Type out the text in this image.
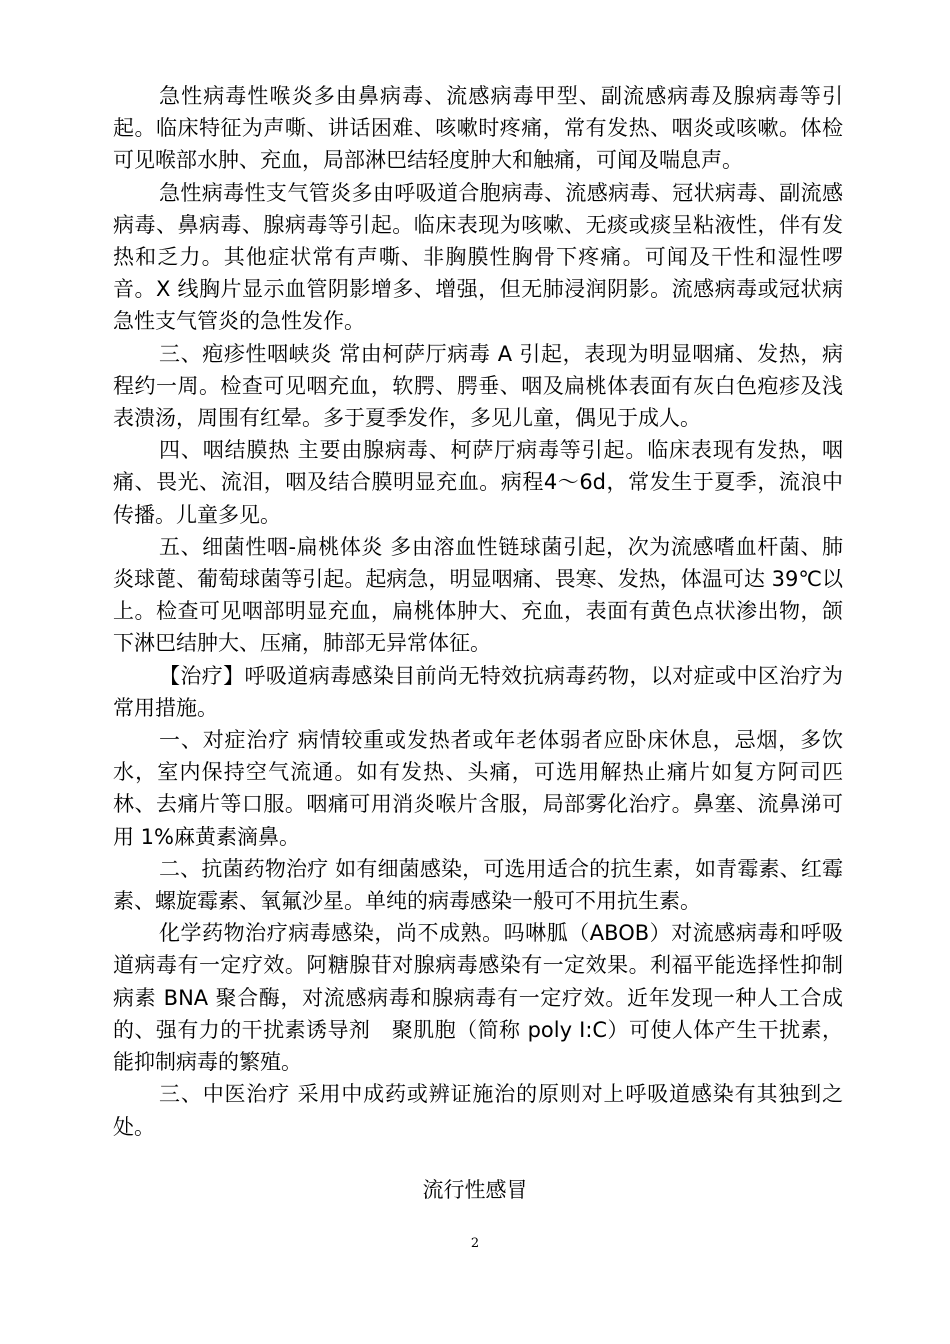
急性病毒性喉炎多由鼻病毒、流感病毒甲型、副流感病毒及腺病毒等引起。临床特征为声嘶、讲话困难、咳嗽时疼痛，常有发热、咽炎或咳嗽。体检可见喉部水肿、充血，局部淋巴结轻度肿大和触痛，可闻及喘息声。

急性病毒性支气管炎多由呼吸道合胞病毒、流感病毒、冠状病毒、副流感病毒、鼻病毒、腺病毒等引起。临床表现为咳嗽、无痰或痰呈粘液性，伴有发热和乏力。其他症状常有声嘶、非胸膜性胸骨下疼痛。可闻及干性和湿性啰音。X 线胸片显示血管阴影增多、增强，但无肺浸润阴影。流感病毒或冠状病急性支气管炎的急性发作。

三、疱疹性咽峡炎 常由柯萨厅病毒 A 引起，表现为明显咽痛、发热，病程约一周。检查可见咽充血，软腭、腭垂、咽及扁桃体表面有灰白色疱疹及浅表溃汤，周围有红晕。多于夏季发作，多见儿童，偶见于成人。

四、咽结膜热 主要由腺病毒、柯萨厅病毒等引起。临床表现有发热，咽痛、畏光、流泪，咽及结合膜明显充血。病程4～6d，常发生于夏季，流浪中传播。儿童多见。

五、细菌性咽-扁桃体炎 多由溶血性链球菌引起，次为流感嗜血杆菌、肺炎球蓖、葡萄球菌等引起。起病急，明显咽痛、畏寒、发热，体温可达 39℃以上。检查可见咽部明显充血，扁桃体肿大、充血，表面有黄色点状渗出物，颌下淋巴结肿大、压痛，肺部无异常体征。

【治疗】呼吸道病毒感染目前尚无特效抗病毒药物，以对症或中区治疗为常用措施。

一、对症治疗 病情较重或发热者或年老体弱者应卧床休息，忌烟，多饮水，室内保持空气流通。如有发热、头痛，可选用解热止痛片如复方阿司匹林、去痛片等口服。咽痛可用消炎喉片含服，局部雾化治疗。鼻塞、流鼻涕可用 1%麻黄素滴鼻。

二、抗菌药物治疗 如有细菌感染，可选用适合的抗生素，如青霉素、红霉素、螺旋霉素、氧氟沙星。单纯的病毒感染一般可不用抗生素。

化学药物治疗病毒感染，尚不成熟。吗啉胍（ABOB）对流感病毒和呼吸道病毒有一定疗效。阿糖腺苷对腺病毒感染有一定效果。利福平能选择性抑制病素 BNA 聚合酶，对流感病毒和腺病毒有一定疗效。近年发现一种人工合成的、强有力的干扰素诱导剂　聚肌胞（简称 poly I:C）可使人体产生干扰素，能抑制病毒的繁殖。

三、中医治疗 采用中成药或辨证施治的原则对上呼吸道感染有其独到之处。

流行性感冒
2
